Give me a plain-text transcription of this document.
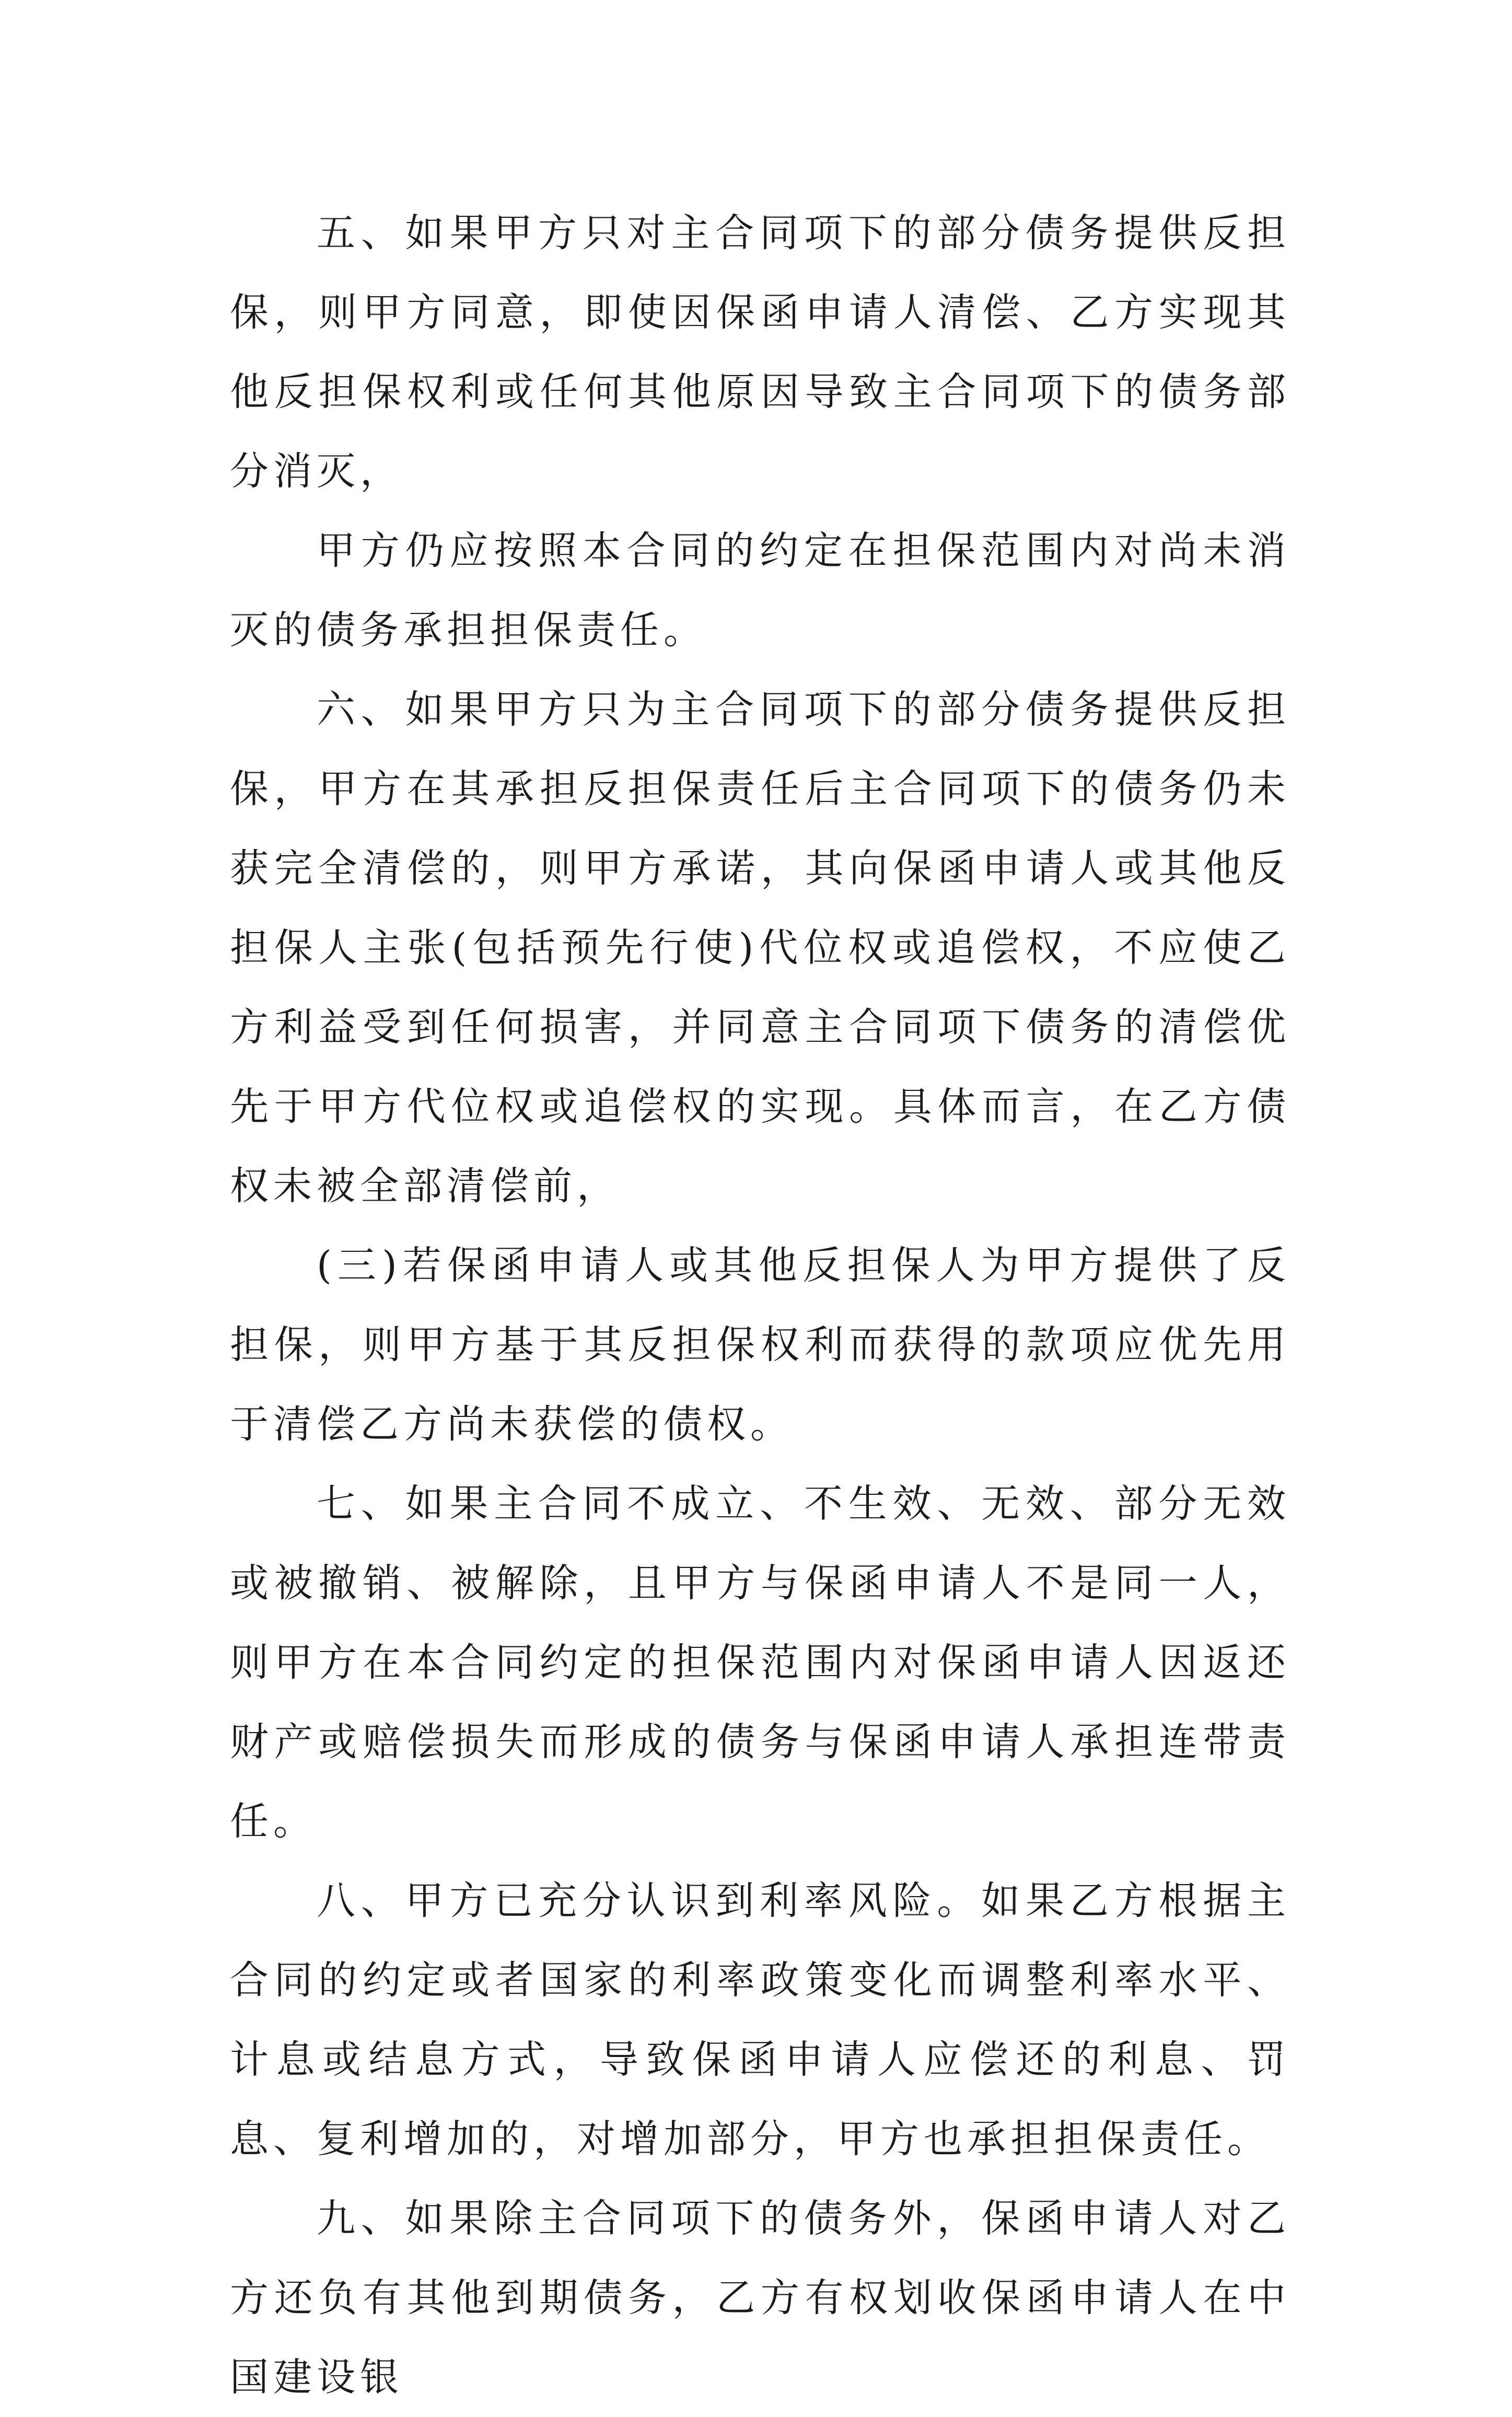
五、如果甲方只对主合同项下的部分债务提供反担保，则甲方同意，即使因保函申请人清偿、乙方实现其他反担保权利或任何其他原因导致主合同项下的债务部分消灭，

甲方仍应按照本合同的约定在担保范围内对尚未消灭的债务承担担保责任。

六、如果甲方只为主合同项下的部分债务提供反担保，甲方在其承担反担保责任后主合同项下的债务仍未获完全清偿的，则甲方承诺，其向保函申请人或其他反担保人主张(包括预先行使)代位权或追偿权，不应使乙方利益受到任何损害，并同意主合同项下债务的清偿优先于甲方代位权或追偿权的实现。具体而言，在乙方债权未被全部清偿前，

(三)若保函申请人或其他反担保人为甲方提供了反担保，则甲方基于其反担保权利而获得的款项应优先用于清偿乙方尚未获偿的债权。

七、如果主合同不成立、不生效、无效、部分无效或被撤销、被解除，且甲方与保函申请人不是同一人，则甲方在本合同约定的担保范围内对保函申请人因返还财产或赔偿损失而形成的债务与保函申请人承担连带责任。

八、甲方已充分认识到利率风险。如果乙方根据主合同的约定或者国家的利率政策变化而调整利率水平、计息或结息方式，导致保函申请人应偿还的利息、罚息、复利增加的，对增加部分，甲方也承担担保责任。

九、如果除主合同项下的债务外，保函申请人对乙方还负有其他到期债务，乙方有权划收保函申请人在中国建设银
